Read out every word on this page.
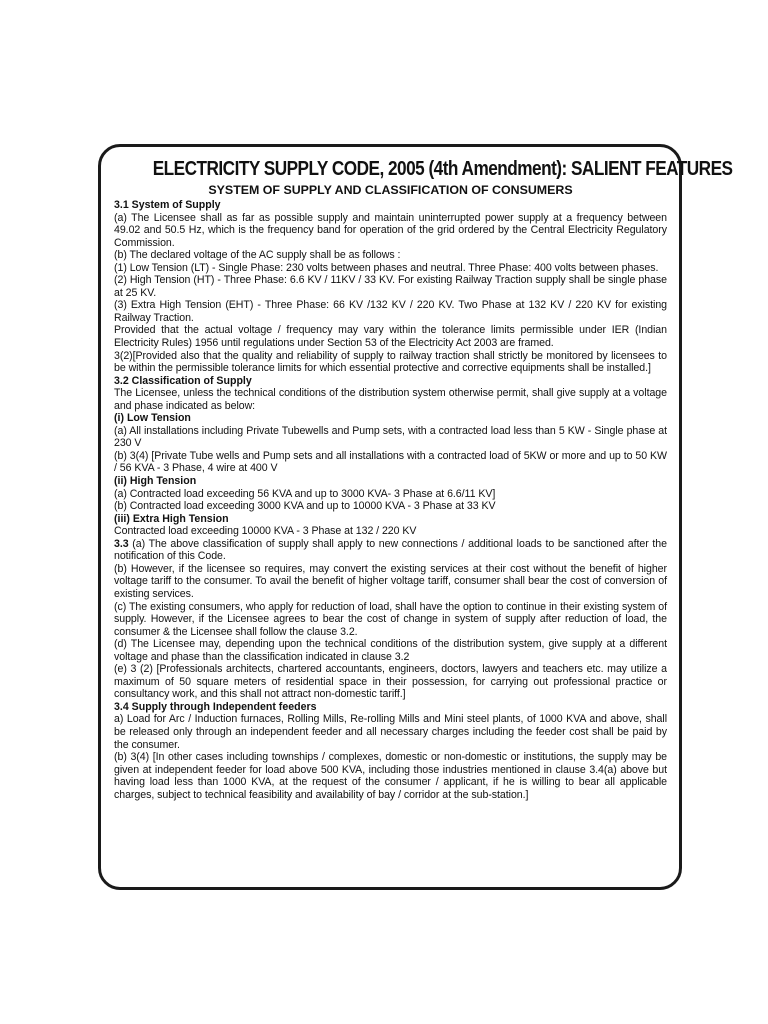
ELECTRICITY SUPPLY CODE, 2005 (4th Amendment): SALIENT FEATURES
SYSTEM OF SUPPLY AND CLASSIFICATION OF CONSUMERS
3.1 System of Supply
(a) The Licensee shall as far as possible supply and maintain uninterrupted power supply at a frequency between 49.02 and 50.5 Hz, which is the frequency band for operation of the grid ordered by the Central Electricity Regulatory Commission.
(b) The declared voltage of the AC supply shall be as follows :
(1) Low Tension (LT) - Single Phase: 230 volts between phases and neutral. Three Phase: 400 volts between phases.
(2) High Tension (HT) - Three Phase: 6.6 KV / 11KV / 33 KV. For existing Railway Traction supply shall be single phase at 25 KV.
(3) Extra High Tension (EHT) - Three Phase: 66 KV /132 KV / 220 KV. Two Phase at 132 KV / 220 KV for existing Railway Traction.
Provided that the actual voltage / frequency may vary within the tolerance limits permissible under IER (Indian Electricity Rules) 1956 until regulations under Section 53 of the Electricity Act 2003 are framed.
3(2)[Provided also that the quality and reliability of supply to railway traction shall strictly be monitored by licensees to be within the permissible tolerance limits for which essential protective and corrective equipments shall be installed.]
3.2 Classification of Supply
The Licensee, unless the technical conditions of the distribution system otherwise permit, shall give supply at a voltage and phase indicated as below:
(i) Low Tension
(a) All installations including Private Tubewells and Pump sets, with a contracted load less than 5 KW - Single phase at 230 V
(b) 3(4) [Private Tube wells and Pump sets and all installations with a contracted load of 5KW or more and up to 50 KW / 56 KVA - 3 Phase, 4 wire at 400 V
(ii) High Tension
(a) Contracted load exceeding 56 KVA and up to 3000 KVA- 3 Phase at 6.6/11 KV]
(b) Contracted load exceeding 3000 KVA and up to 10000 KVA - 3 Phase at 33 KV
(iii) Extra High Tension
Contracted load exceeding 10000 KVA - 3 Phase at 132 / 220 KV
3.3 (a) The above classification of supply shall apply to new connections / additional loads to be sanctioned after the notification of this Code.
(b) However, if the licensee so requires, may convert the existing services at their cost without the benefit of higher voltage tariff to the consumer. To avail the benefit of higher voltage tariff, consumer shall bear the cost of conversion of existing services.
(c) The existing consumers, who apply for reduction of load, shall have the option to continue in their existing system of supply. However, if the Licensee agrees to bear the cost of change in system of supply after reduction of load, the consumer & the Licensee shall follow the clause 3.2.
(d) The Licensee may, depending upon the technical conditions of the distribution system, give supply at a different voltage and phase than the classification indicated in clause 3.2
(e) 3 (2) [Professionals architects, chartered accountants, engineers, doctors, lawyers and teachers etc. may utilize a maximum of 50 square meters of residential space in their possession, for carrying out professional practice or consultancy work, and this shall not attract non-domestic tariff.]
3.4 Supply through Independent feeders
a) Load for Arc / Induction furnaces, Rolling Mills, Re-rolling Mills and Mini steel plants, of 1000 KVA and above, shall be released only through an independent feeder and all necessary charges including the feeder cost shall be paid by the consumer.
(b) 3(4) [In other cases including townships / complexes, domestic or non-domestic or institutions, the supply may be given at independent feeder for load above 500 KVA, including those industries mentioned in clause 3.4(a) above but having load less than 1000 KVA, at the request of the consumer / applicant, if he is willing to bear all applicable charges, subject to technical feasibility and availability of bay / corridor at the sub-station.]
